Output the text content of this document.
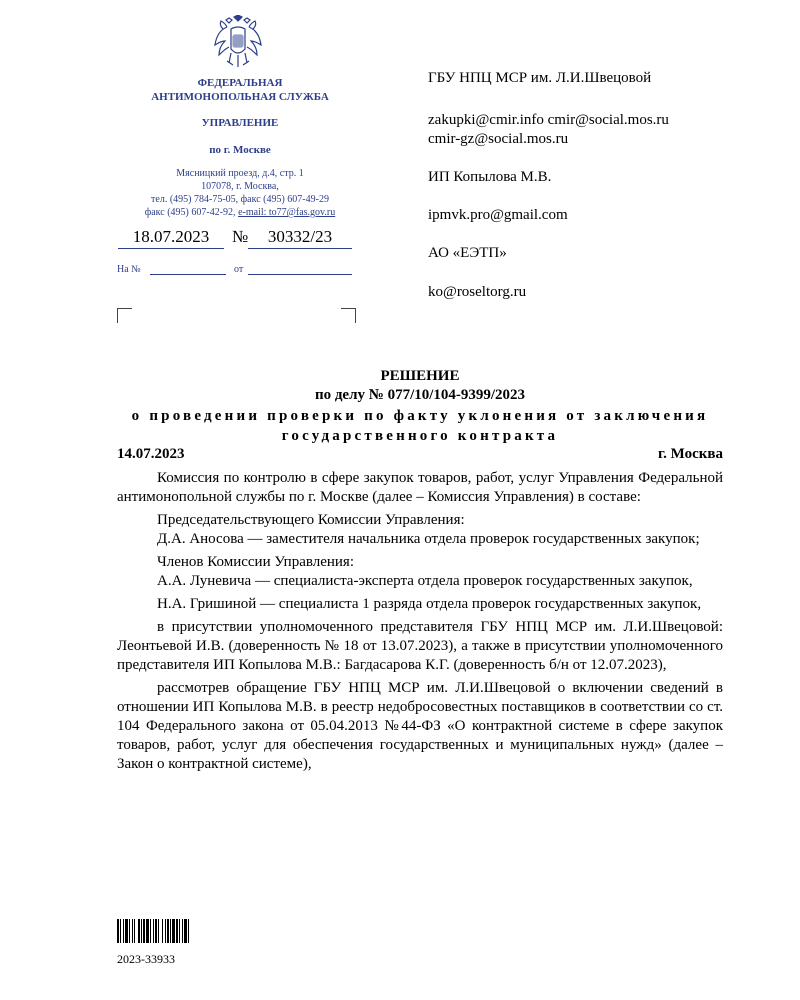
ФЕДЕРАЛЬНАЯ
АНТИМОНОПОЛЬНАЯ СЛУЖБА
УПРАВЛЕНИЕ
по г. Москве
Мясницкий проезд, д.4, стр. 1
107078, г. Москва,
тел. (495) 784-75-05, факс (495) 607-49-29
факс (495) 607-42-92, e-mail: to77@fas.gov.ru
18.07.2023	№	30332/23
На №	от
ГБУ НПЦ МСР им. Л.И.Швецовой
zakupki@cmir.info cmir@social.mos.ru
cmir-gz@social.mos.ru
ИП Копылова М.В.
ipmvk.pro@gmail.com
АО «ЕЭТП»
ko@roseltorg.ru
РЕШЕНИЕ
по делу № 077/10/104-9399/2023
о проведении проверки по факту уклонения от заключения
государственного контракта
14.07.2023	г. Москва

Комиссия по контролю в сфере закупок товаров, работ, услуг Управления Федеральной антимонопольной службы по г. Москве (далее – Комиссия Управления) в составе:

Председательствующего Комиссии Управления:

Д.А. Аносова — заместителя начальника отдела проверок государственных закупок;

Членов Комиссии Управления:

А.А. Луневича — специалиста-эксперта отдела проверок государственных закупок,

Н.А. Гришиной — специалиста 1 разряда отдела проверок государственных закупок,

в присутствии уполномоченного представителя ГБУ НПЦ МСР им. Л.И.Швецовой: Леонтьевой И.В. (доверенность № 18 от 13.07.2023), а также в присутствии уполномоченного представителя ИП Копылова М.В.: Багдасарова К.Г. (доверенность б/н от 12.07.2023),

рассмотрев обращение ГБУ НПЦ МСР им. Л.И.Швецовой о включении сведений в отношении ИП Копылова М.В. в реестр недобросовестных поставщиков в соответствии со ст. 104 Федерального закона от 05.04.2013 №44-ФЗ «О контрактной системе в сфере закупок товаров, работ, услуг для обеспечения государственных и муниципальных нужд» (далее – Закон о контрактной системе),

2023-33933
